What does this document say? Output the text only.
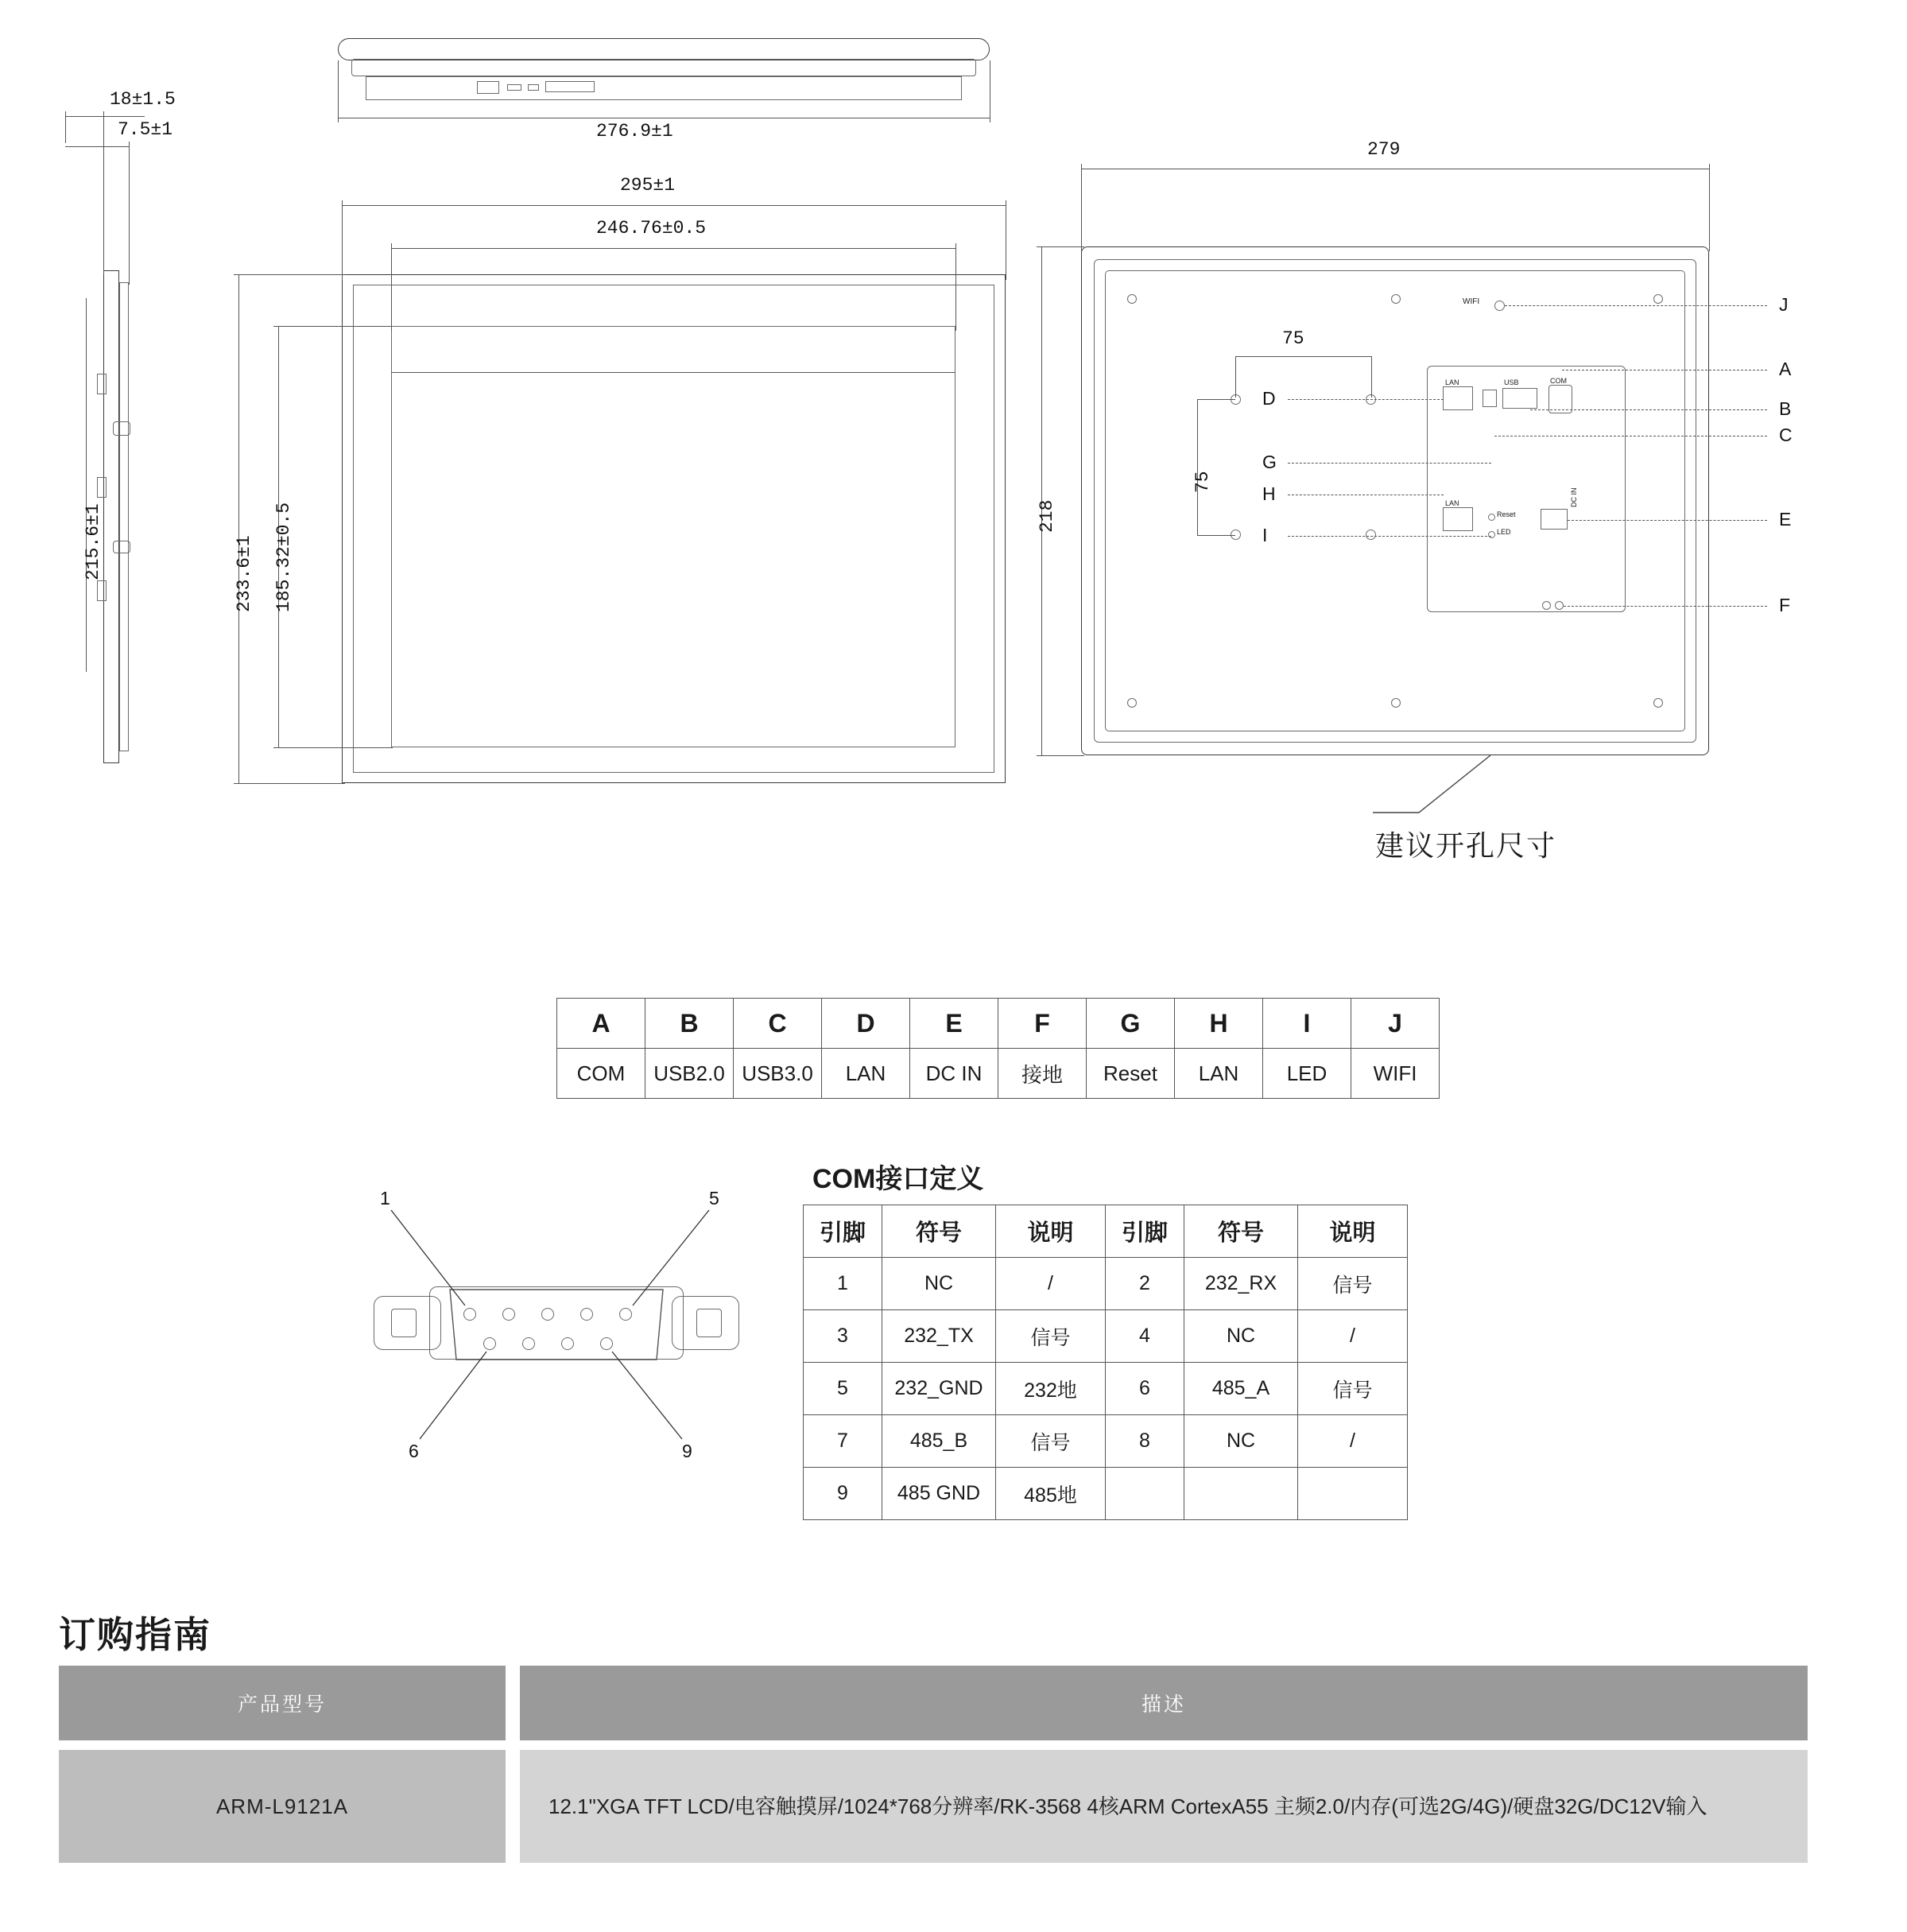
276.9±1
18±1.5
7.5±1
215.6±1
295±1
246.76±0.5
233.6±1 185.32±0.5
75
75
LAN	USB	COM
LAN
Reset
LED
DC IN
WIFI
279
218
J
A
B
C
E
F
D
G
H
I
建议开孔尺寸
A	B	C	D	E	F	G	H	I	J
COM	USB2.0	USB3.0	LAN	DC IN	接地	Reset	LAN	LED	WIFI
COM接口定义
1	5
6	9
引脚	符号	说明	引脚	符号	说明
1	NC	/	2	232_RX	信号
3	232_TX	信号	4	NC	/
5	232_GND	232地	6	485_A	信号
7	485_B	信号	8	NC	/
9	485 GND	485地			
订购指南
产品型号		描述

ARM-L9121A		12.1"XGA TFT LCD/电容触摸屏/1024*768分辨率/RK-3568 4核ARM CortexA55 主频2.0/内存(可选2G/4G)/硬盘32G/DC12V输入
